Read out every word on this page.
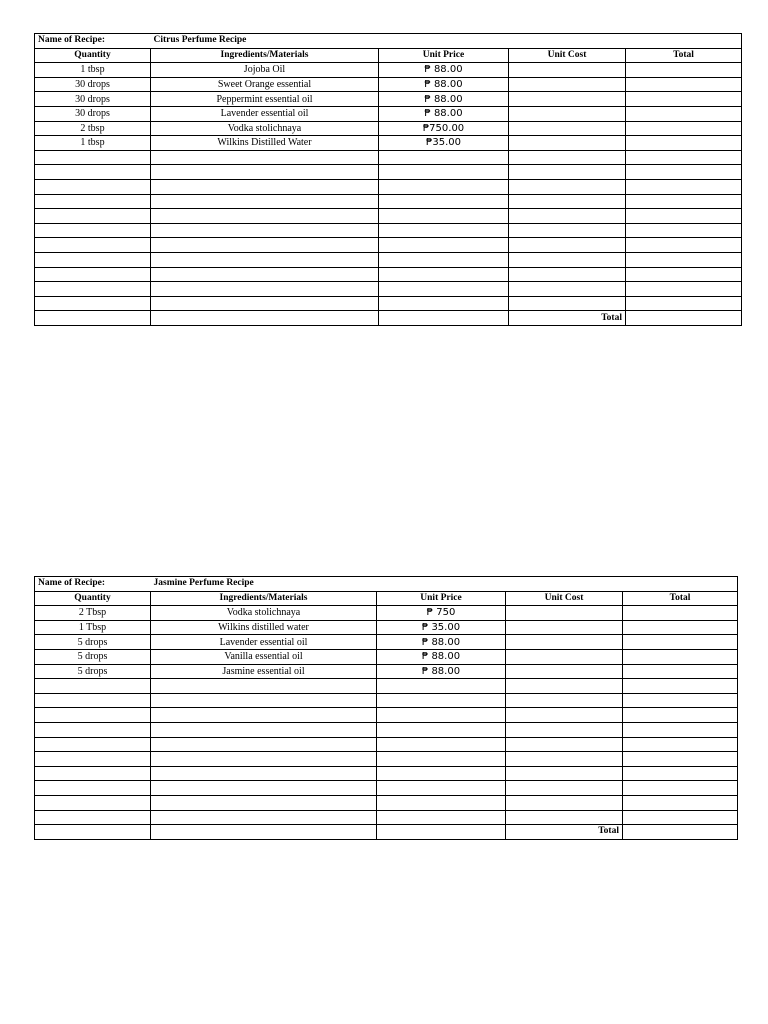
Name of Recipe:	Citrus Perfume Recipe			
Quantity	Ingredients/Materials	Unit Price	Unit Cost	Total
1 tbsp	Jojoba Oil	₱ 88.00		
30 drops	Sweet Orange essential	₱ 88.00		
30 drops	Peppermint essential oil	₱ 88.00		
30 drops	Lavender essential oil	₱ 88.00		
2 tbsp	Vodka stolichnaya	₱750.00		
1 tbsp	Wilkins Distilled Water	₱35.00		

			Total	
Name of Recipe:	Jasmine Perfume Recipe			
Quantity	Ingredients/Materials	Unit Price	Unit Cost	Total
2 Tbsp	Vodka stolichnaya	₱ 750		
1 Tbsp	Wilkins distilled water	₱ 35.00		
5 drops	Lavender essential oil	₱ 88.00		
5 drops	Vanilla essential oil	₱ 88.00		
5 drops	Jasmine essential oil	₱ 88.00		

			Total	
